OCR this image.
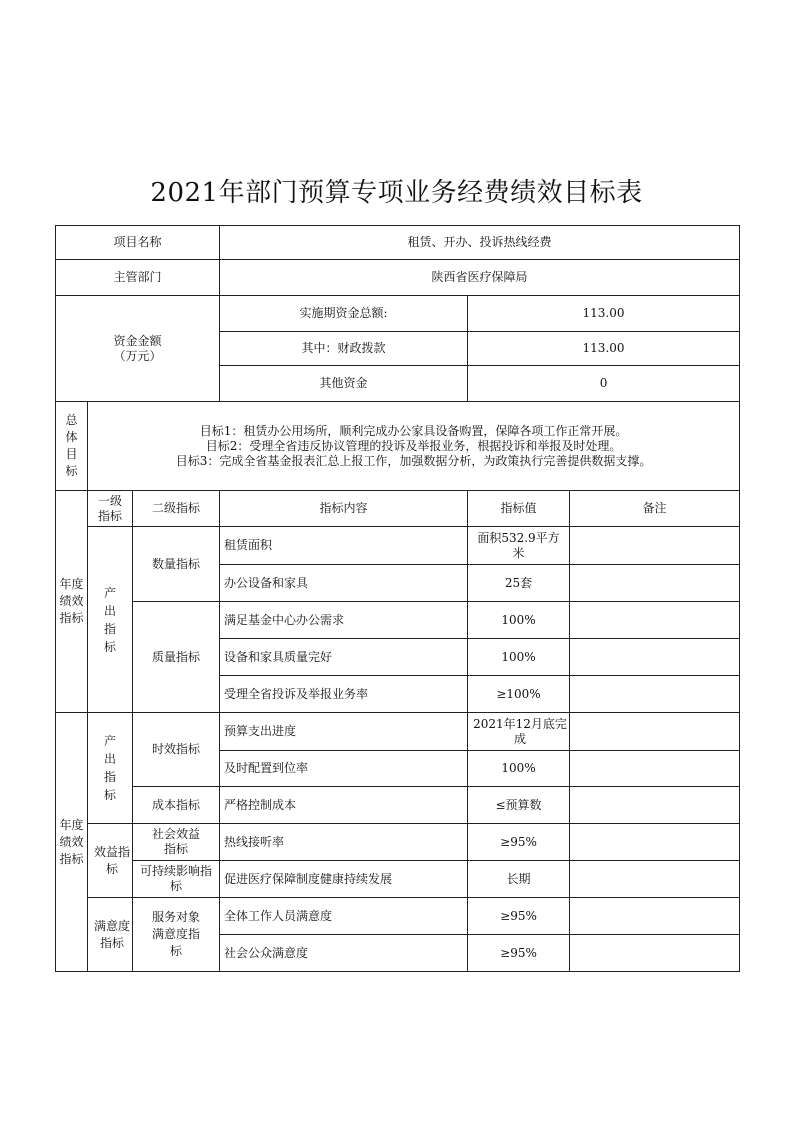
2021年部门预算专项业务经费绩效目标表
项目名称			租赁、开办、投诉热线经费		
主管部门			陕西省医疗保障局		

资金金额
（万元）			实施期资金总额:	113.00	
			其中：财政拨款	113.00	
			其他资金	0	
总体目标	目标1：租赁办公用场所，顺利完成办公家具设备购置，保障各项工作正常开展。
目标2：受理全省违反协议管理的投诉及举报业务，根据投诉和举报及时处理。
目标3：完成全省基金报表汇总上报工作，加强数据分析，为政策执行完善提供数据支撑。				

年度绩效指标	一级指标	二级指标	指标内容	指标值	备注
	产出指标	数量指标	租赁面积	面积532.9平方米	
			办公设备和家具	25套	
		质量指标	满足基金中心办公需求	100%	
			设备和家具质量完好	100%	
			受理全省投诉及举报业务率	≥100%	
年度绩效指标	产出指标	时效指标	预算支出进度	2021年12月底完成	
			及时配置到位率	100%	
		成本指标	严格控制成本	≤预算数	
	效益指标	社会效益指标	热线接听率	≥95%	
		可持续影响指标	促进医疗保障制度健康持续发展	长期	
	满意度指标	服务对象满意度指标	全体工作人员满意度	≥95%	
			社会公众满意度	≥95%	
